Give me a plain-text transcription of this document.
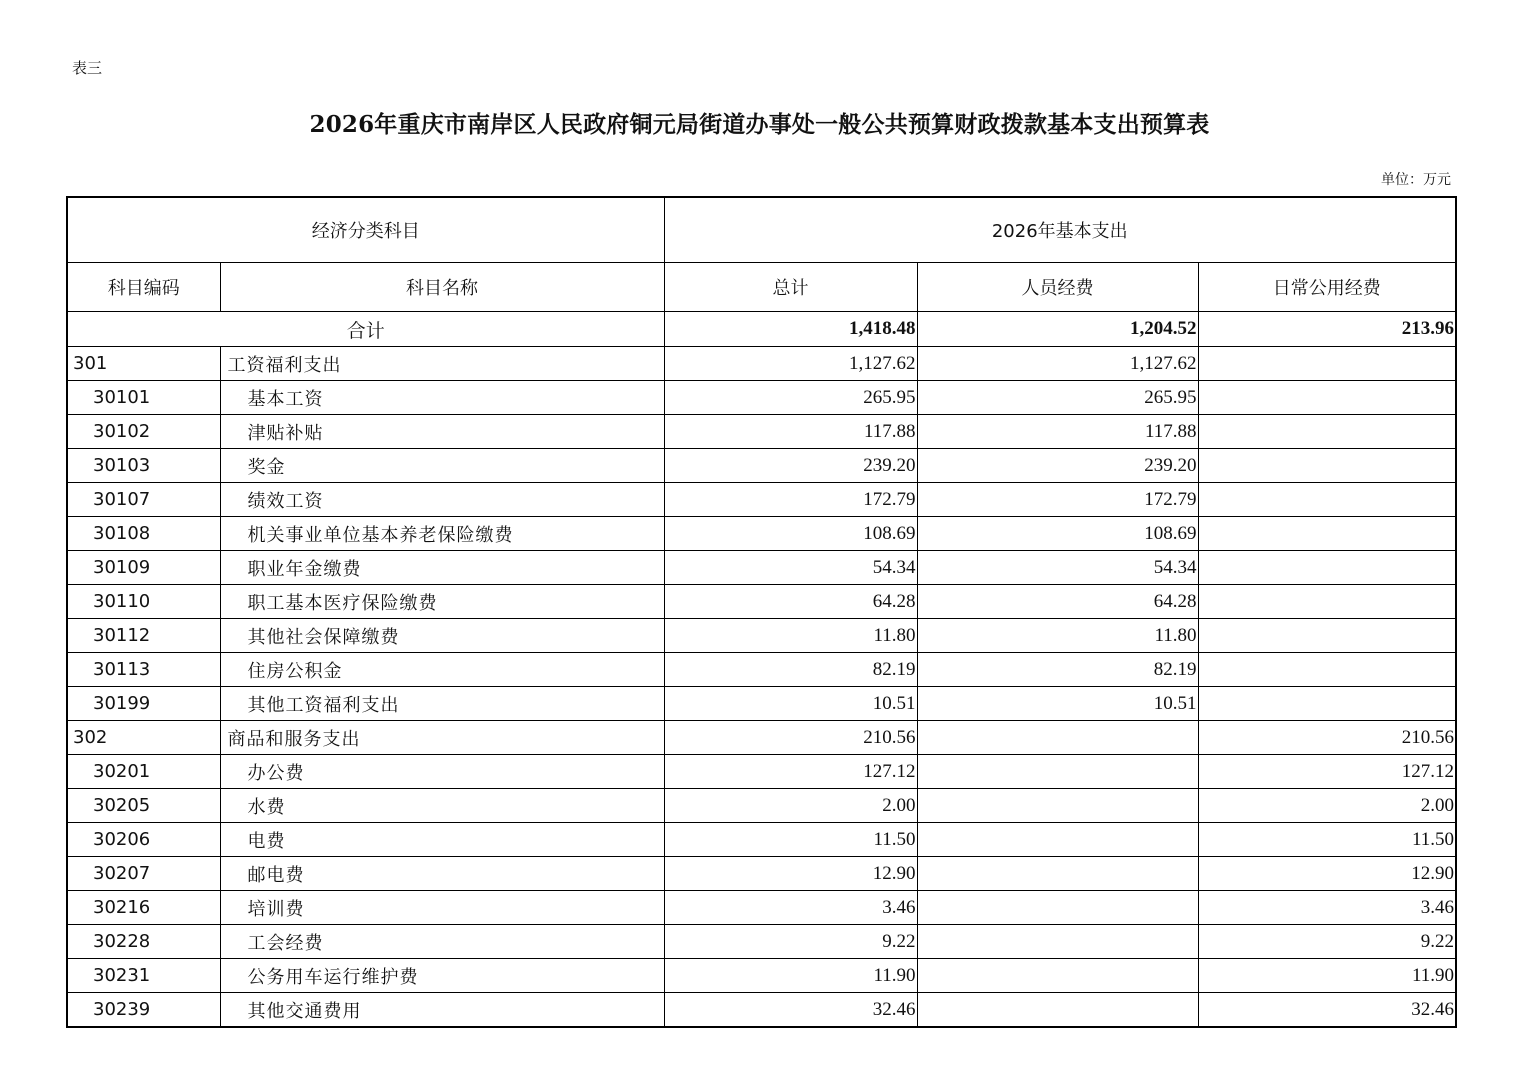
表三
2026年重庆市南岸区人民政府铜元局街道办事处一般公共预算财政拨款基本支出预算表
单位：万元
经济分类科目		2026年基本支出		
科目编码	科目名称	总计	人员经费	日常公用经费
合计		1,418.48	1,204.52	213.96
301	工资福利支出	1,127.62	1,127.62	
30101	基本工资	265.95	265.95	
30102	津贴补贴	117.88	117.88	
30103	奖金	239.20	239.20	
30107	绩效工资	172.79	172.79	
30108	机关事业单位基本养老保险缴费	108.69	108.69	
30109	职业年金缴费	54.34	54.34	
30110	职工基本医疗保险缴费	64.28	64.28	
30112	其他社会保障缴费	11.80	11.80	
30113	住房公积金	82.19	82.19	
30199	其他工资福利支出	10.51	10.51	
302	商品和服务支出	210.56		210.56
30201	办公费	127.12		127.12
30205	水费	2.00		2.00
30206	电费	11.50		11.50
30207	邮电费	12.90		12.90
30216	培训费	3.46		3.46
30228	工会经费	9.22		9.22
30231	公务用车运行维护费	11.90		11.90
30239	其他交通费用	32.46		32.46
